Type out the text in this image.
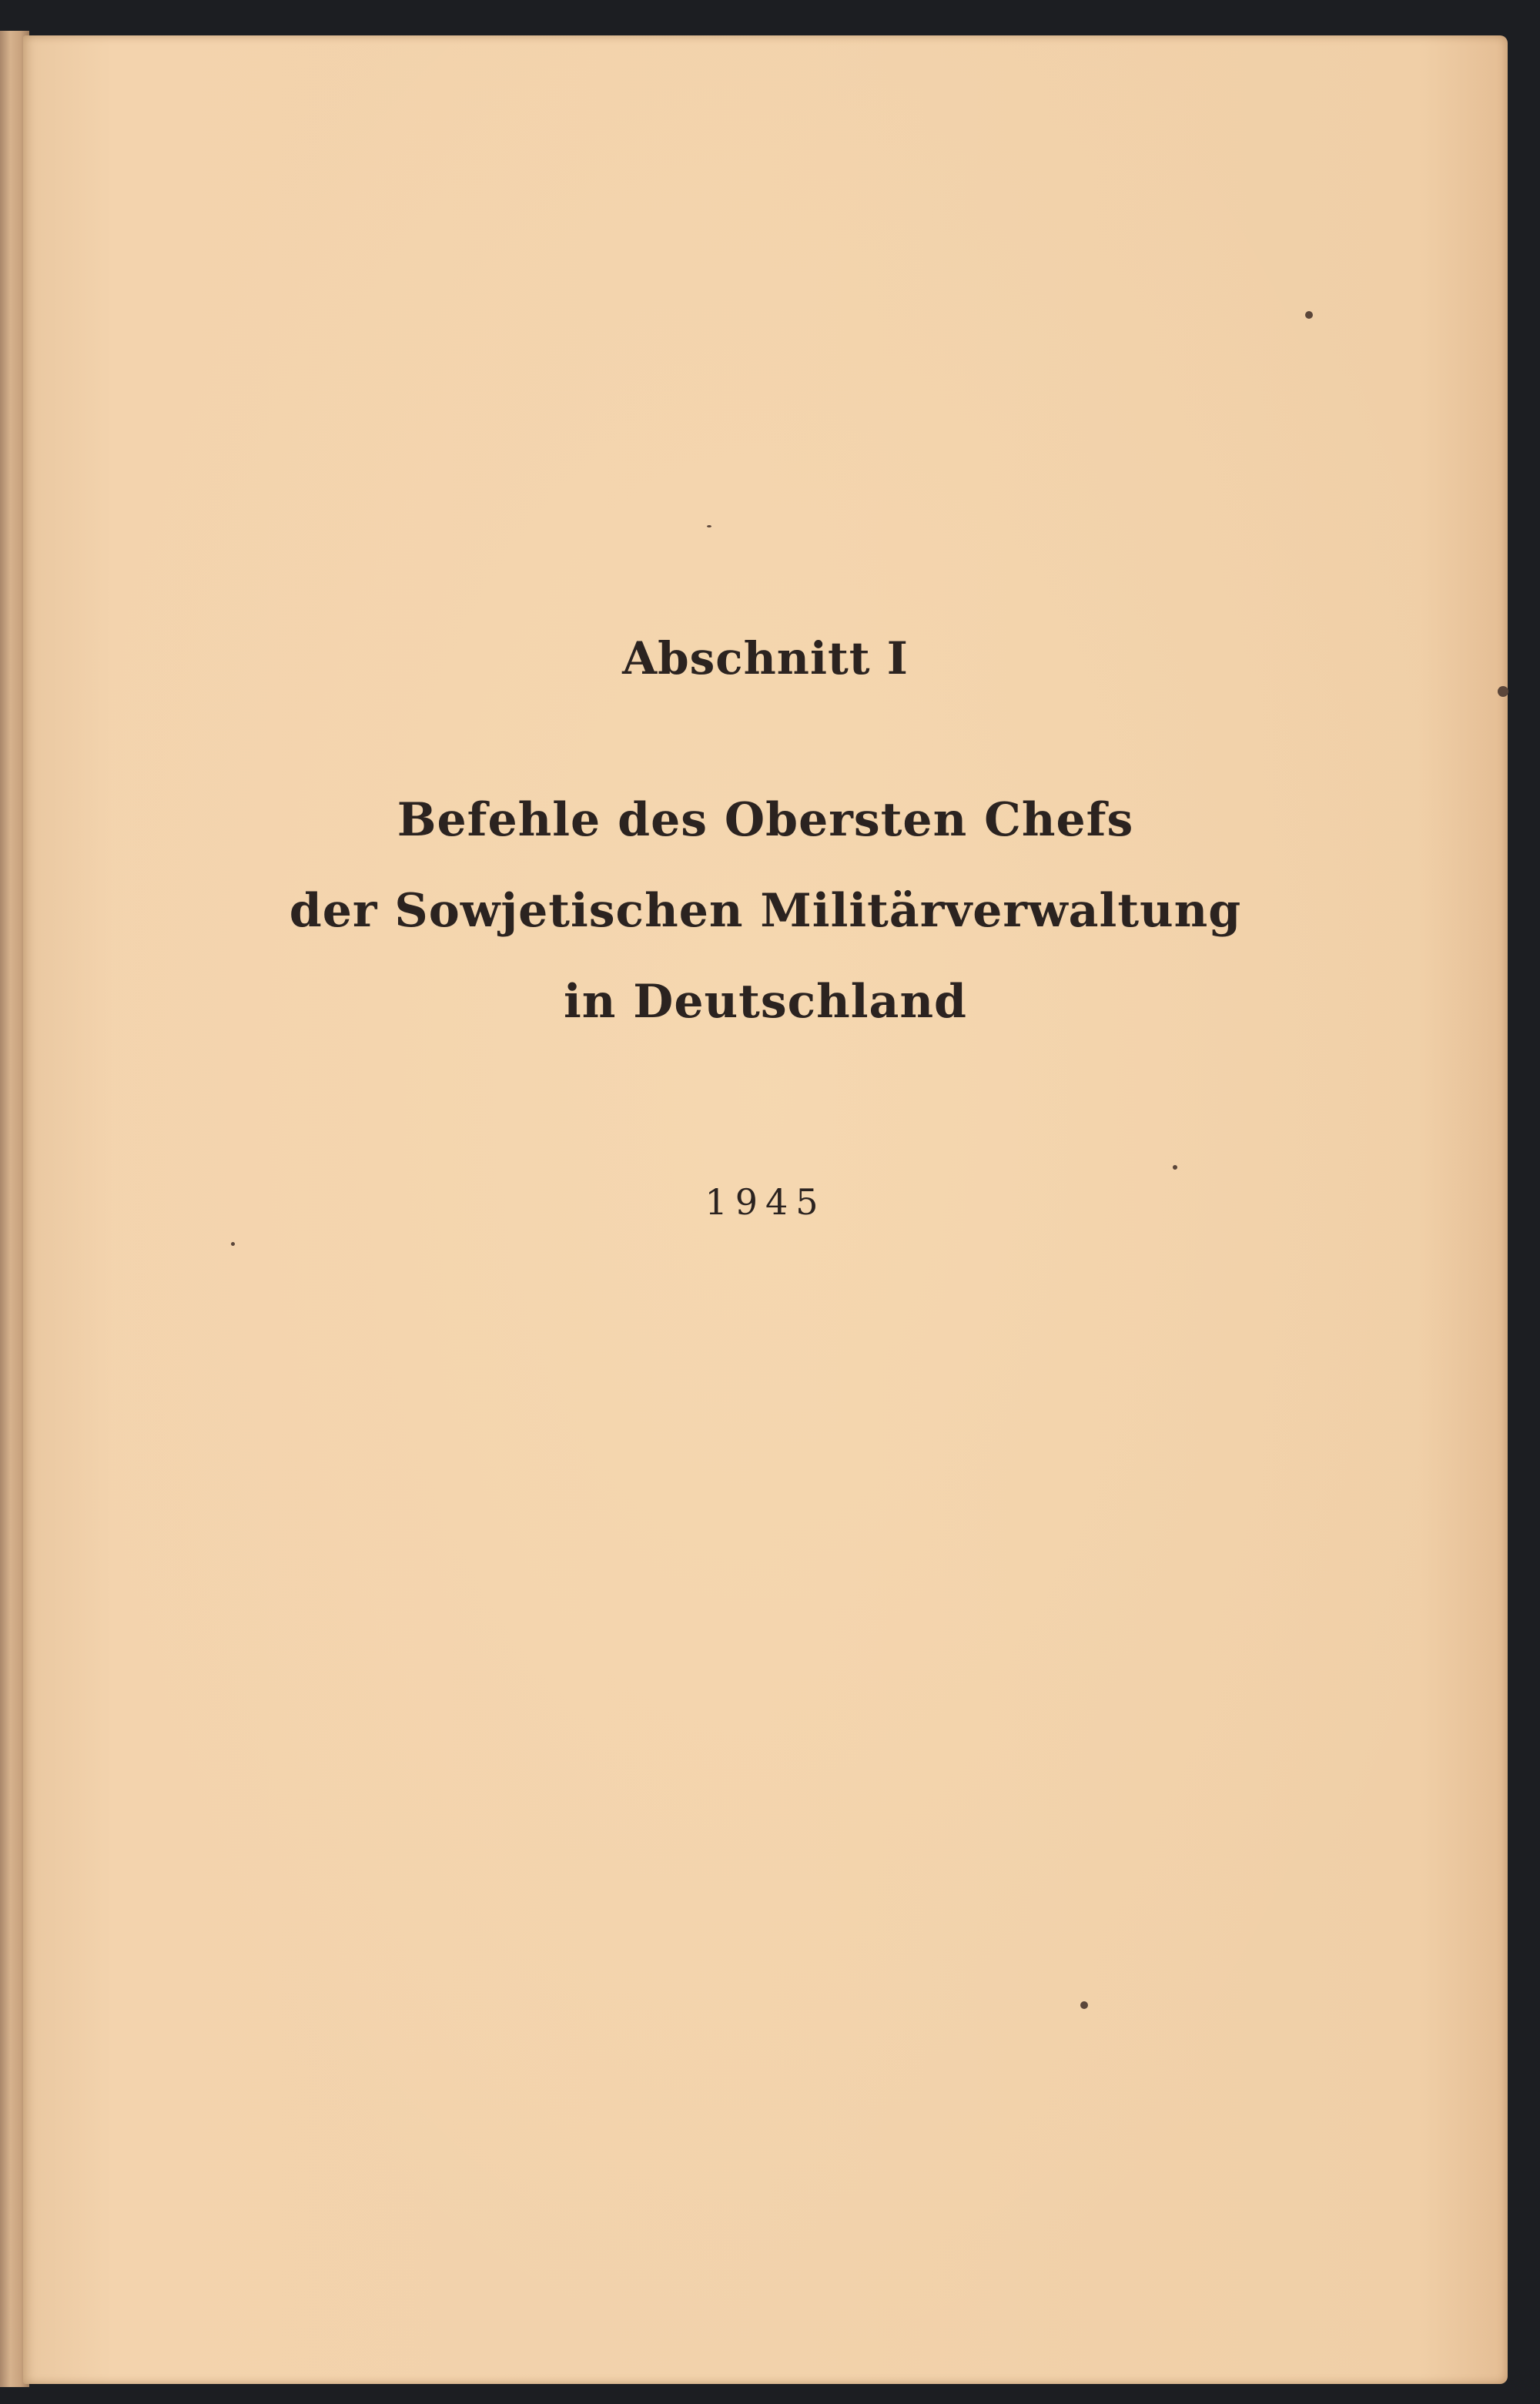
Abschnitt I
Befehle des Obersten Chefs
der Sowjetischen Militärverwaltung
in Deutschland
1945
